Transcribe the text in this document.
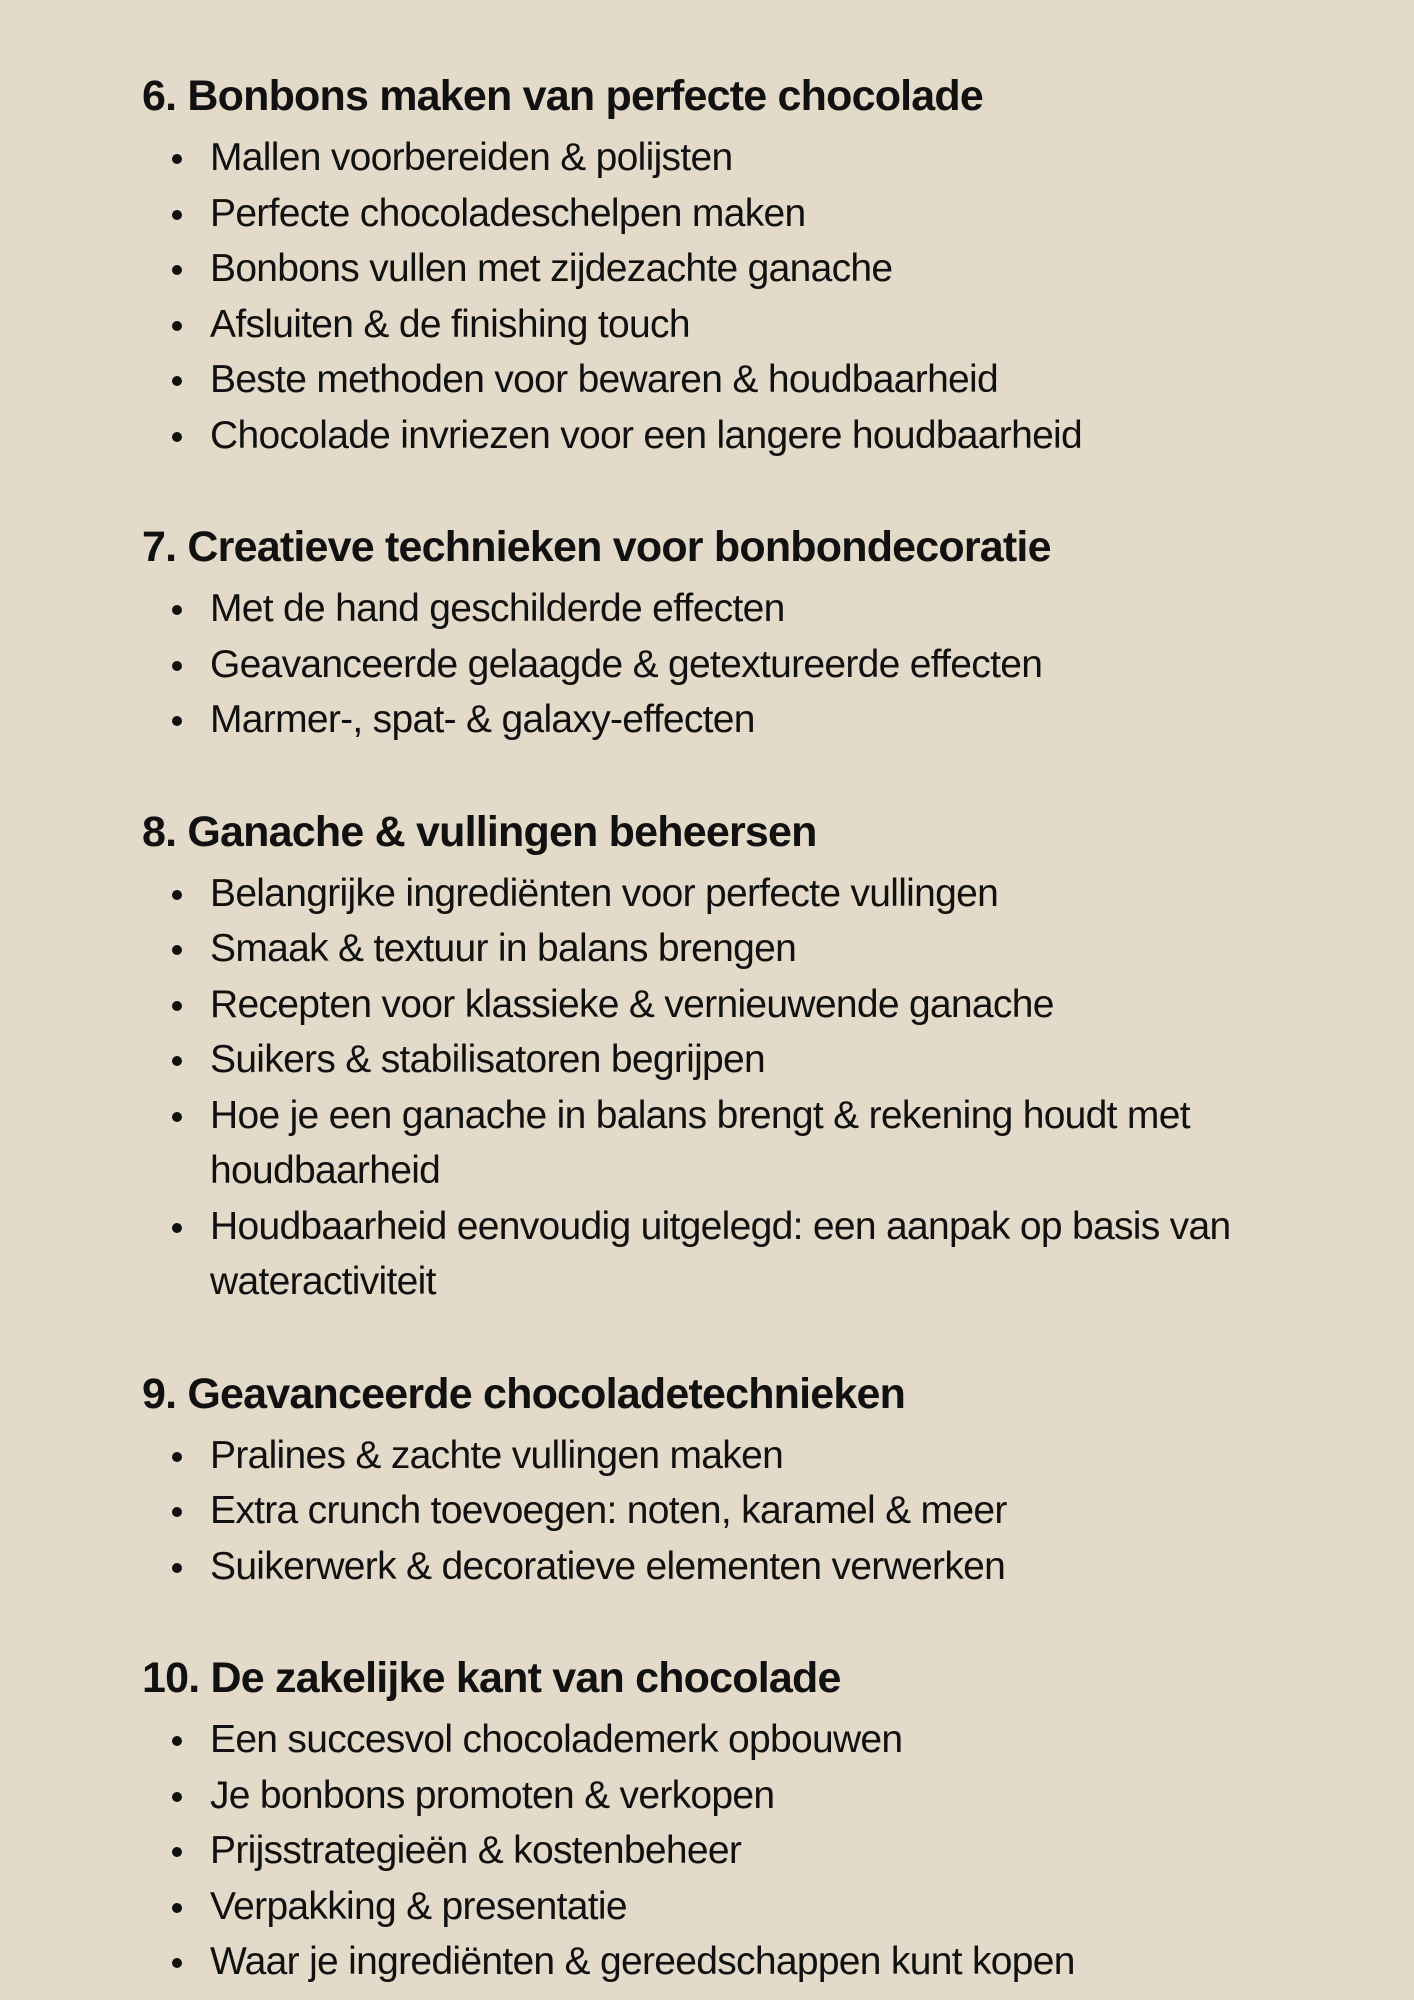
6. Bonbons maken van perfecte chocolade
Mallen voorbereiden & polijsten
Perfecte chocoladeschelpen maken
Bonbons vullen met zijdezachte ganache
Afsluiten & de finishing touch
Beste methoden voor bewaren & houdbaarheid
Chocolade invriezen voor een langere houdbaarheid
7. Creatieve technieken voor bonbondecoratie
Met de hand geschilderde effecten
Geavanceerde gelaagde & getextureerde effecten
Marmer-, spat- & galaxy-effecten
8. Ganache & vullingen beheersen
Belangrijke ingrediënten voor perfecte vullingen
Smaak & textuur in balans brengen
Recepten voor klassieke & vernieuwende ganache
Suikers & stabilisatoren begrijpen
Hoe je een ganache in balans brengt & rekening houdt met houdbaarheid
Houdbaarheid eenvoudig uitgelegd: een aanpak op basis van wateractiviteit
9. Geavanceerde chocoladetechnieken
Pralines & zachte vullingen maken
Extra crunch toevoegen: noten, karamel & meer
Suikerwerk & decoratieve elementen verwerken
10. De zakelijke kant van chocolade
Een succesvol chocolademerk opbouwen
Je bonbons promoten & verkopen
Prijsstrategieën & kostenbeheer
Verpakking & presentatie
Waar je ingrediënten & gereedschappen kunt kopen
